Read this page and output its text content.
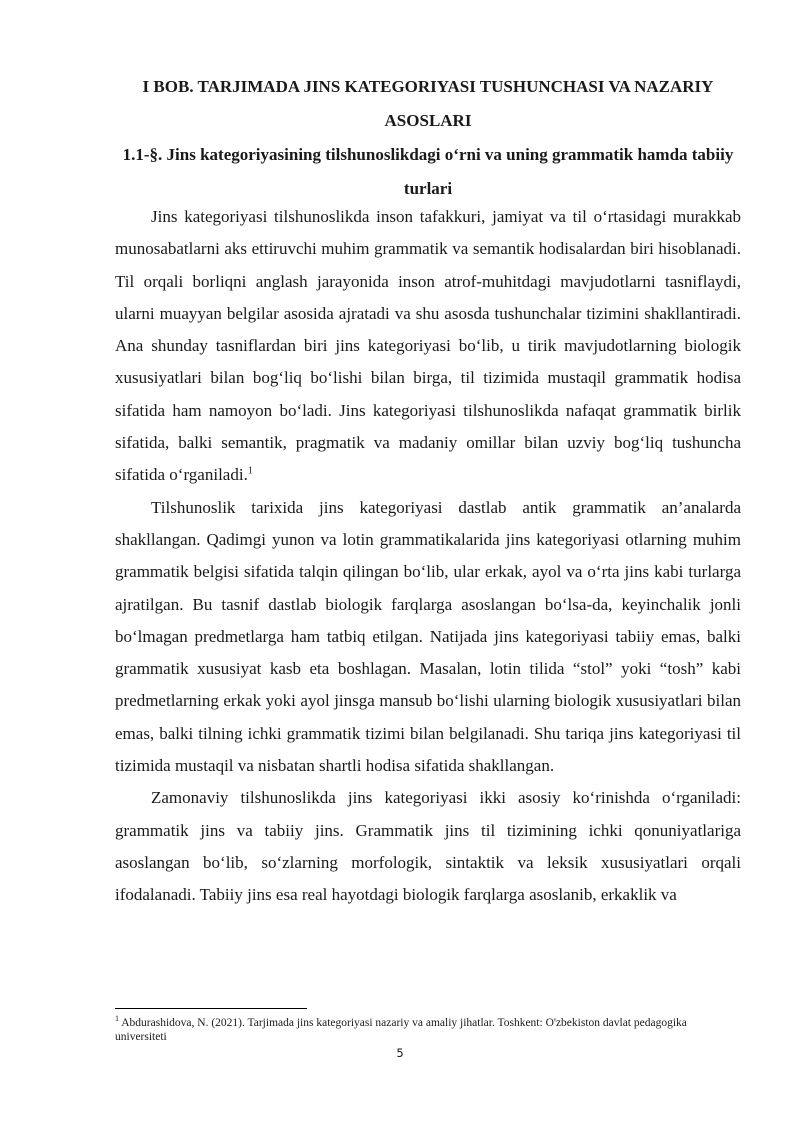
I BOB. TARJIMADA JINS KATEGORIYASI TUSHUNCHASI VA NAZARIY ASOSLARI
1.1-§. Jins kategoriyasining tilshunoslikdagi o‘rni va uning grammatik hamda tabiiy turlari

Jins kategoriyasi tilshunoslikda inson tafakkuri, jamiyat va til o‘rtasidagi murakkab munosabatlarni aks ettiruvchi muhim grammatik va semantik hodisalardan biri hisoblanadi. Til orqali borliqni anglash jarayonida inson atrof-muhitdagi mavjudotlarni tasniflaydi, ularni muayyan belgilar asosida ajratadi va shu asosda tushunchalar tizimini shakllantiradi. Ana shunday tasniflardan biri jins kategoriyasi bo‘lib, u tirik mavjudotlarning biologik xususiyatlari bilan bog‘liq bo‘lishi bilan birga, til tizimida mustaqil grammatik hodisa sifatida ham namoyon bo‘ladi. Jins kategoriyasi tilshunoslikda nafaqat grammatik birlik sifatida, balki semantik, pragmatik va madaniy omillar bilan uzviy bog‘liq tushuncha sifatida o‘rganiladi.$^1$

Tilshunoslik tarixida jins kategoriyasi dastlab antik grammatik an’analarda shakllangan. Qadimgi yunon va lotin grammatikalarida jins kategoriyasi otlarning muhim grammatik belgisi sifatida talqin qilingan bo‘lib, ular erkak, ayol va o‘rta jins kabi turlarga ajratilgan. Bu tasnif dastlab biologik farqlarga asoslangan bo‘lsa-da, keyinchalik jonli bo‘lmagan predmetlarga ham tatbiq etilgan. Natijada jins kategoriyasi tabiiy emas, balki grammatik xususiyat kasb eta boshlagan. Masalan, lotin tilida “stol” yoki “tosh” kabi predmetlarning erkak yoki ayol jinsga mansub bo‘lishi ularning biologik xususiyatlari bilan emas, balki tilning ichki grammatik tizimi bilan belgilanadi. Shu tariqa jins kategoriyasi til tizimida mustaqil va nisbatan shartli hodisa sifatida shakllangan.

Zamonaviy tilshunoslikda jins kategoriyasi ikki asosiy ko‘rinishda o‘rganiladi: grammatik jins va tabiiy jins. Grammatik jins til tizimining ichki qonuniyatlariga asoslangan bo‘lib, so‘zlarning morfologik, sintaktik va leksik xususiyatlari orqali ifodalanadi. Tabiiy jins esa real hayotdagi biologik farqlarga asoslanib, erkaklik va

$^1$ Abdurashidova, N. (2021). Tarjimada jins kategoriyasi nazariy va amaliy jihatlar. Toshkent: O'zbekiston davlat pedagogika universiteti

5
